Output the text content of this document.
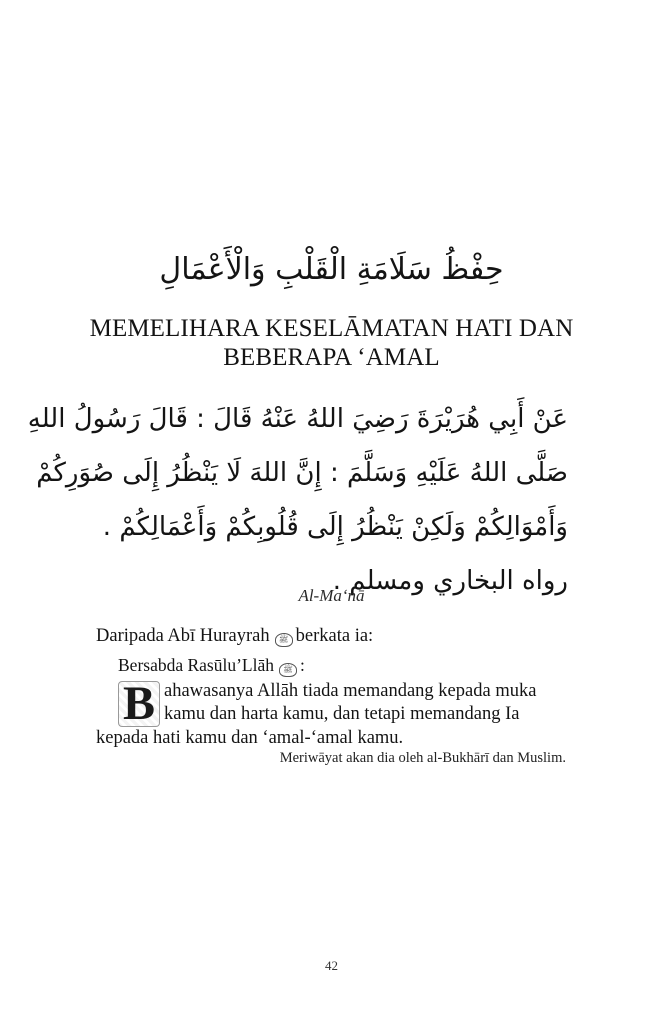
حِفْظُ سَلَامَةِ الْقَلْبِ وَالْأَعْمَالِ
MEMELIHARA KESELĀMATAN HATI DAN
BEBERAPA ‘AMAL
عَنْ أَبِي هُرَيْرَةَ رَضِيَ اللهُ عَنْهُ قَالَ : قَالَ رَسُولُ اللهِ
صَلَّى اللهُ عَلَيْهِ وَسَلَّمَ : إِنَّ اللهَ لَا يَنْظُرُ إِلَى صُوَرِكُمْ
وَأَمْوَالِكُمْ وَلَكِنْ يَنْظُرُ إِلَى قُلُوبِكُمْ وَأَعْمَالِكُمْ .
رواه البخاري ومسلم .
Al-Ma‘nā
Daripada Abī Hurayrah ﷺ berkata ia:
Bersabda Rasūlu’Llāh ﷺ :
B ahawasanya Allāh tiada memandang kepada muka
kamu dan harta kamu, dan tetapi memandang Ia
kepada hati kamu dan ‘amal-‘amal kamu.
Meriwāyat akan dia oleh al-Bukhārī dan Muslim.
42
